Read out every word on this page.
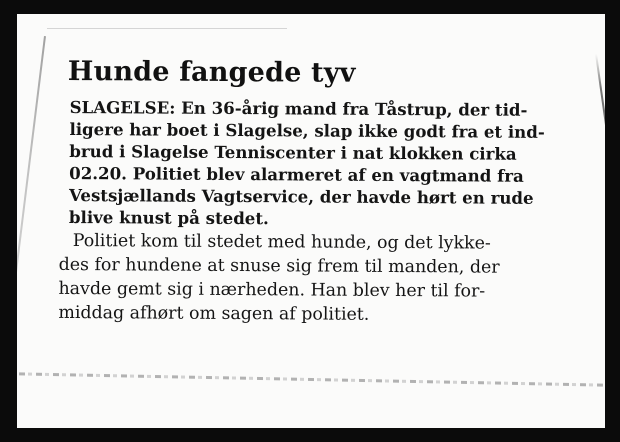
Hunde fangede tyv
SLAGELSE: En 36-årig mand fra Tåstrup, der tid-
ligere har boet i Slagelse, slap ikke godt fra et ind-
brud i Slagelse Tenniscenter i nat klokken cirka
02.20. Politiet blev alarmeret af en vagtmand fra
Vestsjællands Vagtservice, der havde hørt en rude
blive knust på stedet.
Politiet kom til stedet med hunde, og det lykke-
des for hundene at snuse sig frem til manden, der
havde gemt sig i nærheden. Han blev her til for-
middag afhørt om sagen af politiet.
